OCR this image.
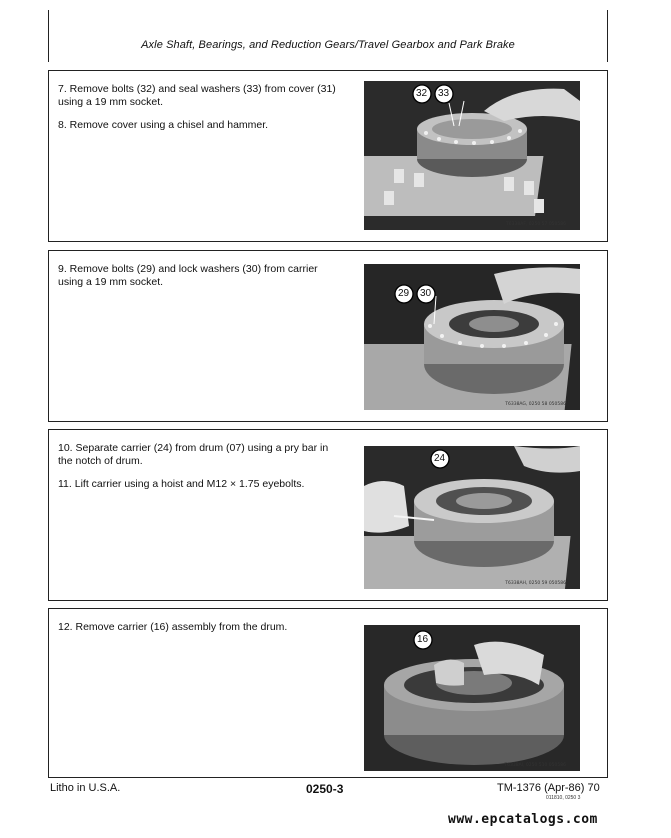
Axle Shaft, Bearings, and Reduction Gears/Travel Gearbox and Park Brake

7. Remove bolts (32) and seal washers (33) from cover (31) using a 19 mm socket.

8. Remove cover using a chisel and hammer.

32 33
T6338AF, 0250 57 050586

9. Remove bolts (29) and lock washers (30) from carrier using a 19 mm socket.

29 30
T6338AG, 0250 58 050586

10. Separate carrier (24) from drum (07) using a pry bar in the notch of drum.

11. Lift carrier using a hoist and M12 × 1.75 eyebolts.

24
T6338AH, 0250 59 050586

12. Remove carrier (16) assembly from the drum.

16
T6338AI, 0250 510 050586
Litho in U.S.A.	0250-3	TM-1376 (Apr-86) 70
011810, 0250 3
www.epcatalogs.com
